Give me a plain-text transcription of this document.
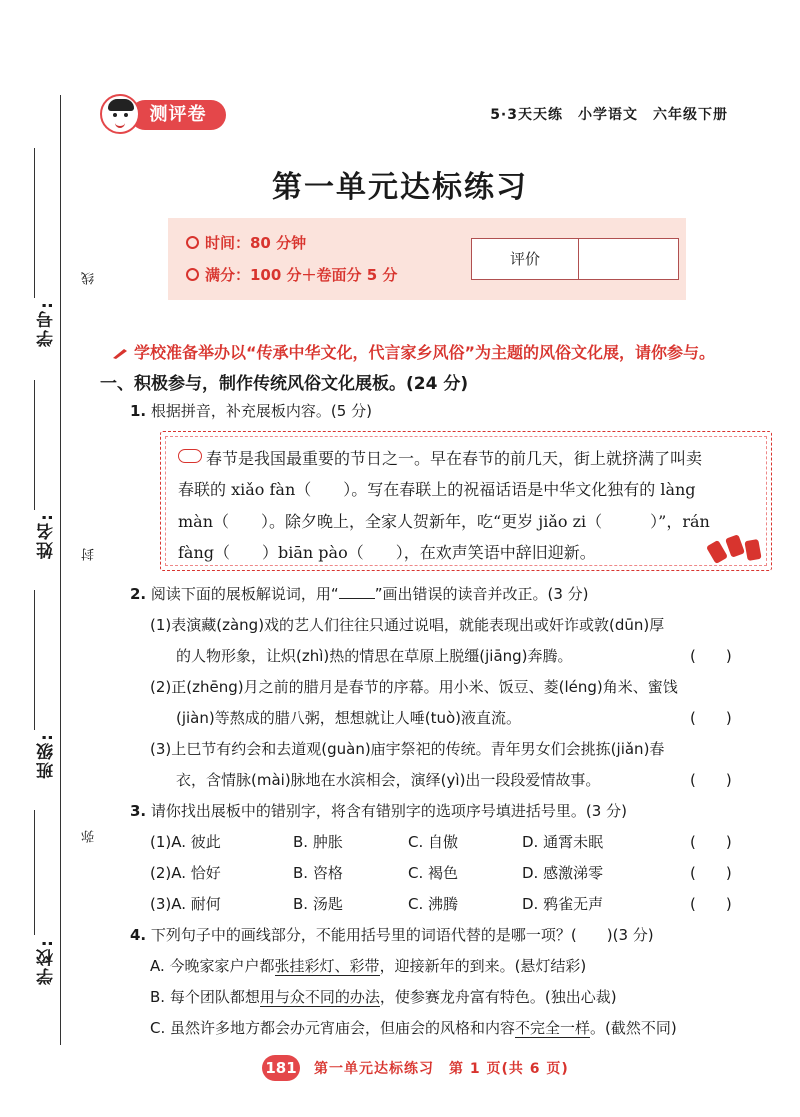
学号:
姓名:
班级:
学校:
线
封
弥
测评卷	5·3天天练　小学语文　六年级下册
第一单元达标练习
时间：80 分钟
满分：100 分＋卷面分 5 分
评价
学校准备举办以“传承中华文化，代言家乡风俗”为主题的风俗文化展，请你参与。
一、积极参与，制作传统风俗文化展板。(24 分)
1. 根据拼音，补充展板内容。(5 分)
春节是我国最重要的节日之一。早在春节的前几天，街上就挤满了叫卖
春联的 xiǎo fàn（　　）。写在春联上的祝福话语是中华文化独有的 làng
màn（　　）。除夕晚上，全家人贺新年，吃“更岁 jiǎo zi（　　　）”，rán
fàng（　　）biān pào（　　），在欢声笑语中辞旧迎新。
2. 阅读下面的展板解说词，用“ ”画出错误的读音并改正。(3 分)
(1)表演藏(zàng)戏的艺人们往往只通过说唱，就能表现出或奸诈或敦(dūn)厚
的人物形象，让炽(zhì)热的情思在草原上脱缰(jiāng)奔腾。	(　　)
(2)正(zhēng)月之前的腊月是春节的序幕。用小米、饭豆、菱(léng)角米、蜜饯
(jiàn)等熬成的腊八粥，想想就让人唾(tuò)液直流。	(　　)
(3)上巳节有约会和去道观(guàn)庙宇祭祀的传统。青年男女们会挑拣(jiǎn)春
衣，含情脉(mài)脉地在水滨相会，演绎(yì)出一段段爱情故事。	(　　)
3. 请你找出展板中的错别字，将含有错别字的选项序号填进括号里。(3 分)
(1)A. 彼此	B. 肿胀	C. 自傲	D. 通霄未眠	(　　)
(2)A. 恰好	B. 咨格	C. 褐色	D. 感激涕零	(　　)
(3)A. 耐何	B. 汤匙	C. 沸腾	D. 鸦雀无声	(　　)
4. 下列句子中的画线部分，不能用括号里的词语代替的是哪一项？(　　)(3 分)
A. 今晚家家户户都张挂彩灯、彩带，迎接新年的到来。(悬灯结彩)
B. 每个团队都想用与众不同的办法，使参赛龙舟富有特色。(独出心裁)
C. 虽然许多地方都会办元宵庙会，但庙会的风格和内容不完全一样。(截然不同)
181 第一单元达标练习　第 1 页(共 6 页)
